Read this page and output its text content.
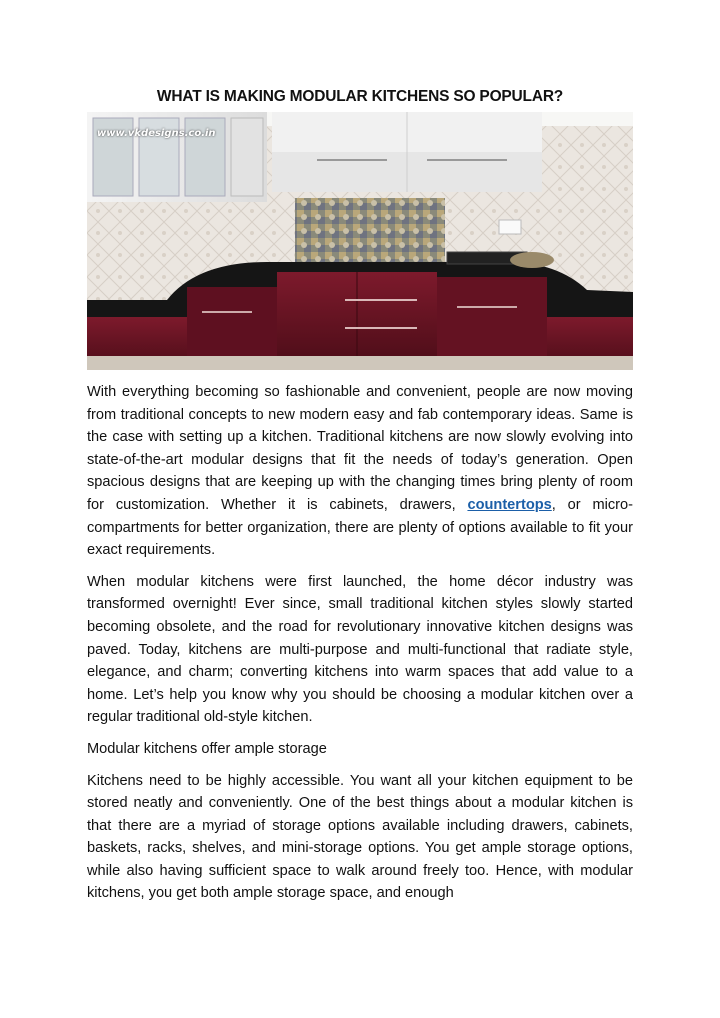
WHAT IS MAKING MODULAR KITCHENS SO POPULAR?
www.vkdesigns.co.in

With everything becoming so fashionable and convenient, people are now moving from traditional concepts to new modern easy and fab contemporary ideas. Same is the case with setting up a kitchen. Traditional kitchens are now slowly evolving into state-of-the-art modular designs that fit the needs of today’s generation. Open spacious designs that are keeping up with the changing times bring plenty of room for customization. Whether it is cabinets, drawers, countertops, or micro-compartments for better organization, there are plenty of options available to fit your exact requirements.

When modular kitchens were first launched, the home décor industry was transformed overnight! Ever since, small traditional kitchen styles slowly started becoming obsolete, and the road for revolutionary innovative kitchen designs was paved. Today, kitchens are multi-purpose and multi-functional that radiate style, elegance, and charm; converting kitchens into warm spaces that add value to a home. Let’s help you know why you should be choosing a modular kitchen over a regular traditional old-style kitchen.

Modular kitchens offer ample storage

Kitchens need to be highly accessible. You want all your kitchen equipment to be stored neatly and conveniently. One of the best things about a modular kitchen is that there are a myriad of storage options available including drawers, cabinets, baskets, racks, shelves, and mini-storage options. You get ample storage options, while also having sufficient space to walk around freely too. Hence, with modular kitchens, you get both ample storage space, and enough
